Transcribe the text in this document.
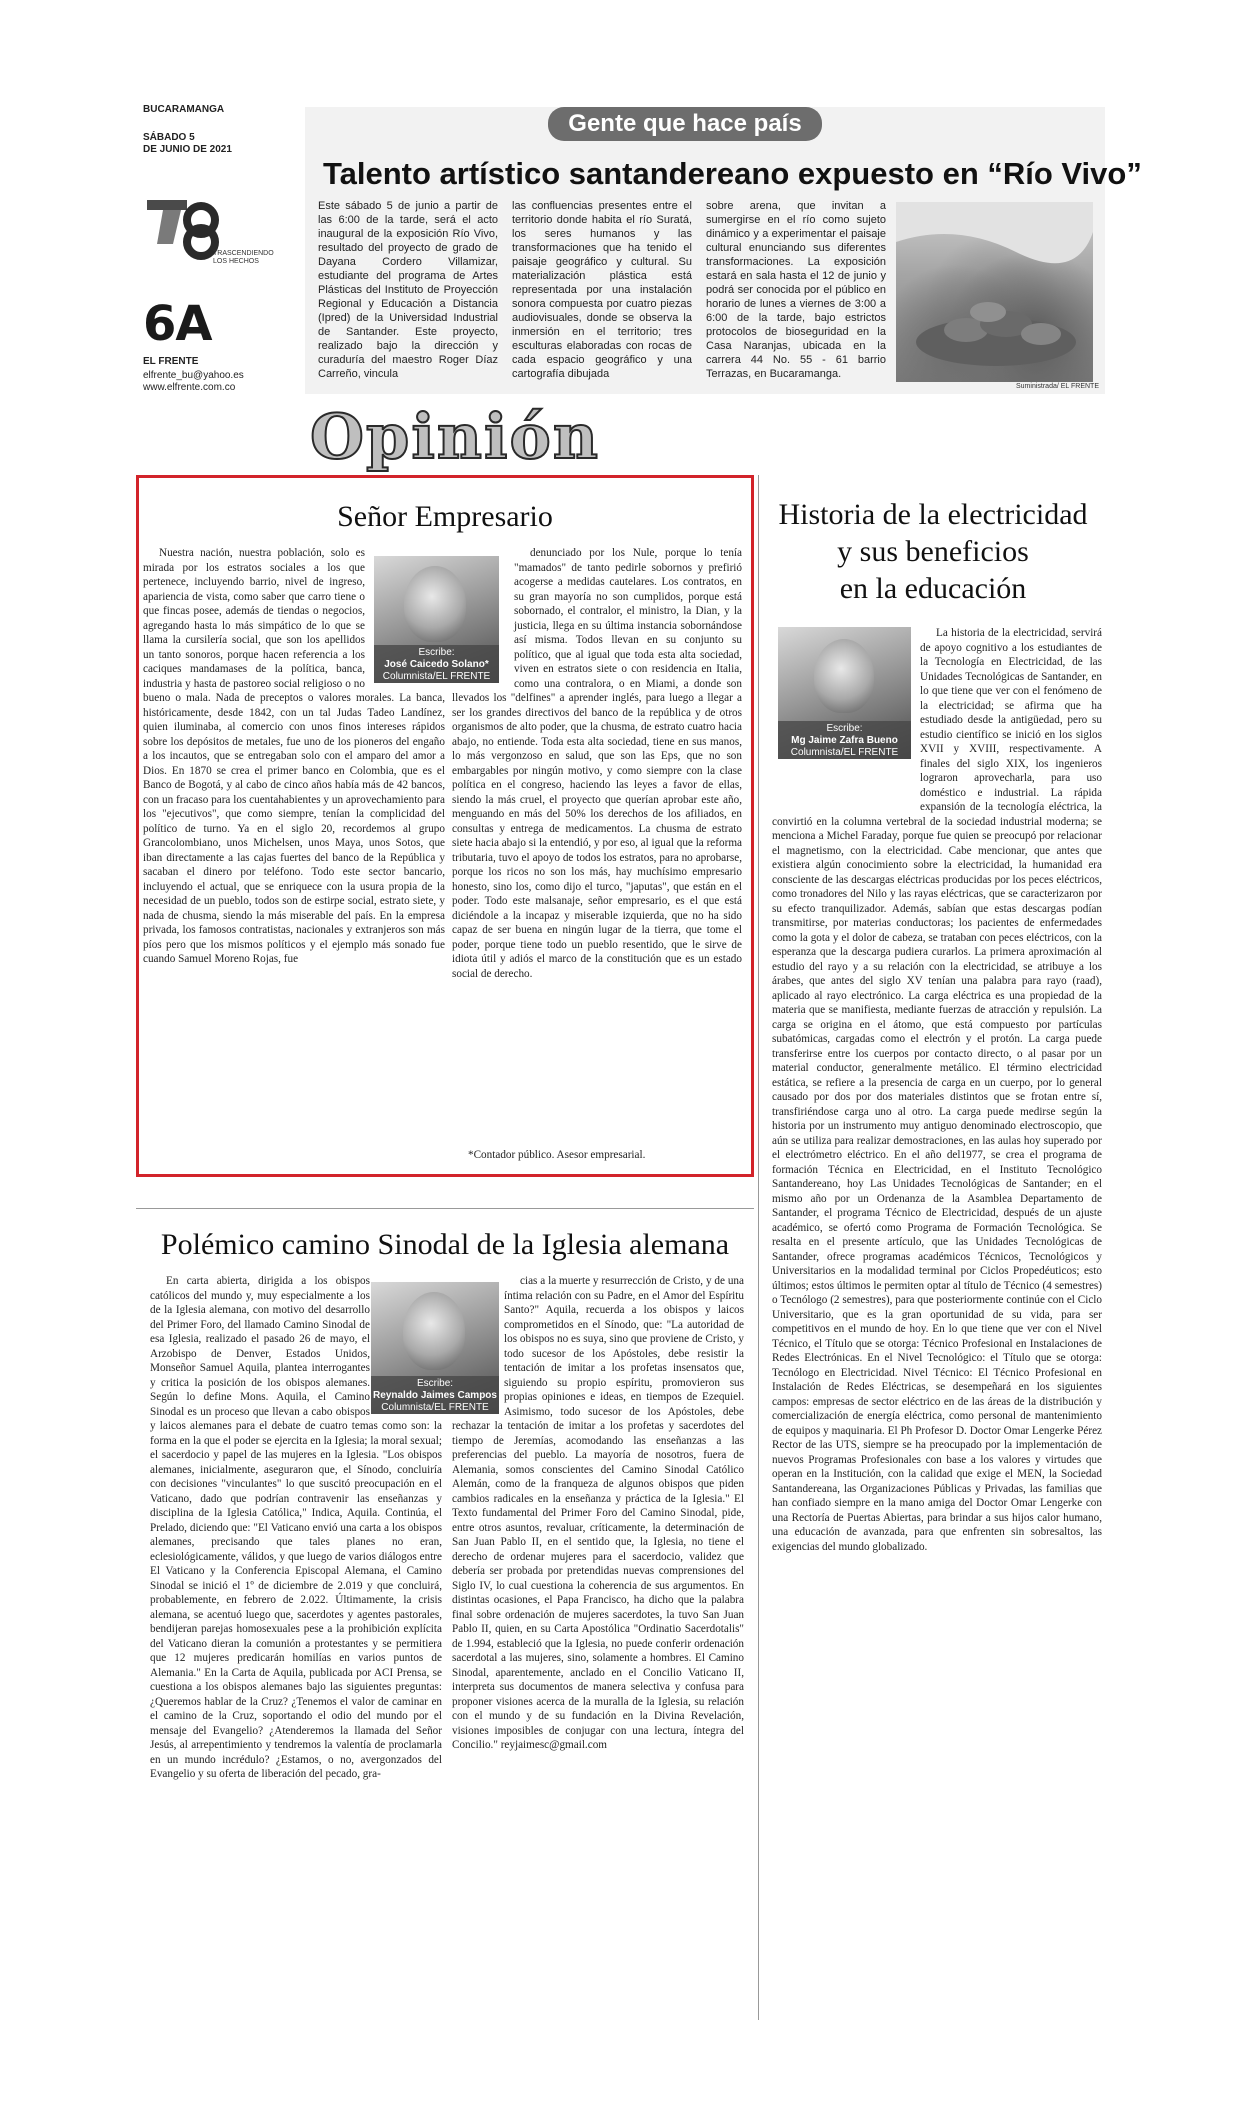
BUCARAMANGA
SÁBADO 5
DE JUNIO DE 2021
TRASCENDIENDO LOS HECHOS
6A
EL FRENTE
elfrente_bu@yahoo.es
www.elfrente.com.co
Gente que hace país
Talento artístico santandereano expuesto en “Río Vivo”
Este sábado 5 de junio a partir de las 6:00 de la tarde, será el acto inaugural de la exposición Río Vivo, resultado del proyecto de grado de Dayana Cordero Villamizar, estudiante del programa de Artes Plásticas del Instituto de Proyección Regional y Educación a Distancia (Ipred) de la Universidad Industrial de Santander. Este proyecto, realizado bajo la dirección y curaduría del maestro Roger Díaz Carreño, vincula
las confluencias presentes entre el territorio donde habita el río Suratá, los seres humanos y las transformaciones que ha tenido el paisaje geográfico y cultural. Su materialización plástica está representada por una instalación sonora compuesta por cuatro piezas audiovisuales, donde se observa la inmersión en el territorio; tres esculturas elaboradas con rocas de cada espacio geográfico y una cartografía dibujada
sobre arena, que invitan a sumergirse en el río como sujeto dinámico y a experimentar el paisaje cultural enunciando sus diferentes transformaciones. La exposición estará en sala hasta el 12 de junio y podrá ser conocida por el público en horario de lunes a viernes de 3:00 a 6:00 de la tarde, bajo estrictos protocolos de bioseguridad en la Casa Naranjas, ubicada en la carrera 44 No. 55 - 61 barrio Terrazas, en Bucaramanga.
Suministrada/ EL FRENTE
Opinión
Señor Empresario
Escribe:
José Caicedo Solano*
Columnista/EL FRENTE

Nuestra nación, nuestra población, solo es mirada por los estratos sociales a los que pertenece, incluyendo barrio, nivel de ingreso, apariencia de vista, como saber que carro tiene o que fincas posee, además de tiendas o negocios, agregando hasta lo más simpático de lo que se llama la cursilería social, que son los apellidos un tanto sonoros, porque hacen referencia a los caciques mandamases de la política, banca, industria y hasta de pastoreo social religioso o no bueno o mala. Nada de preceptos o valores morales. La banca, históricamente, desde 1842, con un tal Judas Tadeo Landínez, quien iluminaba, al comercio con unos finos intereses rápidos sobre los depósitos de metales, fue uno de los pioneros del engaño a los incautos, que se entregaban solo con el amparo del amor a Dios. En 1870 se crea el primer banco en Colombia, que es el Banco de Bogotá, y al cabo de cinco años había más de 42 bancos, con un fracaso para los cuentahabientes y un aprovechamiento para los "ejecutivos", que como siempre, tenían la complicidad del político de turno. Ya en el siglo 20, recordemos al grupo Grancolombiano, unos Michelsen, unos Maya, unos Sotos, que iban directamente a las cajas fuertes del banco de la República y sacaban el dinero por teléfono. Todo este sector bancario, incluyendo el actual, que se enriquece con la usura propia de la necesidad de un pueblo, todos son de estirpe social, estrato siete, y nada de chusma, siendo la más miserable del país. En la empresa privada, los famosos contratistas, nacionales y extranjeros son más píos pero que los mismos políticos y el ejemplo más sonado fue cuando Samuel Moreno Rojas, fue

denunciado por los Nule, porque lo tenía "mamados" de tanto pedirle sobornos y prefirió acogerse a medidas cautelares. Los contratos, en su gran mayoría no son cumplidos, porque está sobornado, el contralor, el ministro, la Dian, y la justicia, llega en su última instancia sobornándose así misma. Todos llevan en su conjunto su político, que al igual que toda esta alta sociedad, viven en estratos siete o con residencia en Italia, como una contralora, o en Miami, a donde son llevados los "delfines" a aprender inglés, para luego a llegar a ser los grandes directivos del banco de la república y de otros organismos de alto poder, que la chusma, de estrato cuatro hacia abajo, no entiende. Toda esta alta sociedad, tiene en sus manos, lo más vergonzoso en salud, que son las Eps, que no son embargables por ningún motivo, y como siempre con la clase política en el congreso, haciendo las leyes a favor de ellas, siendo la más cruel, el proyecto que querían aprobar este año, menguando en más del 50% los derechos de los afiliados, en consultas y entrega de medicamentos. La chusma de estrato siete hacia abajo si la entendió, y por eso, al igual que la reforma tributaria, tuvo el apoyo de todos los estratos, para no aprobarse, porque los ricos no son los más, hay muchísimo empresario honesto, sino los, como dijo el turco, "japutas", que están en el poder. Todo este malsanaje, señor empresario, es el que está diciéndole a la incapaz y miserable izquierda, que no ha sido capaz de ser buena en ningún lugar de la tierra, que tome el poder, porque tiene todo un pueblo resentido, que le sirve de idiota útil y adiós el marco de la constitución que es un estado social de derecho.

*Contador público. Asesor empresarial.
Historia de la electricidad
y sus beneficios
en la educación
Escribe:
Mg Jaime Zafra Bueno
Columnista/EL FRENTE

La historia de la electricidad, servirá de apoyo cognitivo a los estudiantes de la Tecnología en Electricidad, de las Unidades Tecnológicas de Santander, en lo que tiene que ver con el fenómeno de la electricidad; se afirma que ha estudiado desde la antigüedad, pero su estudio científico se inició en los siglos XVII y XVIII, respectivamente. A finales del siglo XIX, los ingenieros lograron aprovecharla, para uso doméstico e industrial. La rápida expansión de la tecnología eléctrica, la convirtió en la columna vertebral de la sociedad industrial moderna; se menciona a Michel Faraday, porque fue quien se preocupó por relacionar el magnetismo, con la electricidad. Cabe mencionar, que antes que existiera algún conocimiento sobre la electricidad, la humanidad era consciente de las descargas eléctricas producidas por los peces eléctricos, como tronadores del Nilo y las rayas eléctricas, que se caracterizaron por su efecto tranquilizador. Además, sabían que estas descargas podían transmitirse, por materias conductoras; los pacientes de enfermedades como la gota y el dolor de cabeza, se trataban con peces eléctricos, con la esperanza que la descarga pudiera curarlos. La primera aproximación al estudio del rayo y a su relación con la electricidad, se atribuye a los árabes, que antes del siglo XV tenían una palabra para rayo (raad), aplicado al rayo electrónico. La carga eléctrica es una propiedad de la materia que se manifiesta, mediante fuerzas de atracción y repulsión. La carga se origina en el átomo, que está compuesto por partículas subatómicas, cargadas como el electrón y el protón. La carga puede transferirse entre los cuerpos por contacto directo, o al pasar por un material conductor, generalmente metálico. El término electricidad estática, se refiere a la presencia de carga en un cuerpo, por lo general causado por dos por dos materiales distintos que se frotan entre sí, transfiriéndose carga uno al otro. La carga puede medirse según la historia por un instrumento muy antiguo denominado electroscopio, que aún se utiliza para realizar demostraciones, en las aulas hoy superado por el electrómetro eléctrico. En el año del1977, se crea el programa de formación Técnica en Electricidad, en el Instituto Tecnológico Santandereano, hoy Las Unidades Tecnológicas de Santander; en el mismo año por un Ordenanza de la Asamblea Departamento de Santander, el programa Técnico de Electricidad, después de un ajuste académico, se ofertó como Programa de Formación Tecnológica. Se resalta en el presente artículo, que las Unidades Tecnológicas de Santander, ofrece programas académicos Técnicos, Tecnológicos y Universitarios en la modalidad terminal por Ciclos Propedéuticos; esto últimos; estos últimos le permiten optar al título de Técnico (4 semestres) o Tecnólogo (2 semestres), para que posteriormente continúe con el Ciclo Universitario, que es la gran oportunidad de su vida, para ser competitivos en el mundo de hoy. En lo que tiene que ver con el Nivel Técnico, el Título que se otorga: Técnico Profesional en Instalaciones de Redes Electrónicas. En el Nivel Tecnológico: el Título que se otorga: Tecnólogo en Electricidad. Nivel Técnico: El Técnico Profesional en Instalación de Redes Eléctricas, se desempeñará en los siguientes campos: empresas de sector eléctrico en de las áreas de la distribución y comercialización de energía eléctrica, como personal de mantenimiento de equipos y maquinaria. El Ph Profesor D. Doctor Omar Lengerke Pérez Rector de las UTS, siempre se ha preocupado por la implementación de nuevos Programas Profesionales con base a los valores y virtudes que operan en la Institución, con la calidad que exige el MEN, la Sociedad Santandereana, las Organizaciones Públicas y Privadas, las familias que han confiado siempre en la mano amiga del Doctor Omar Lengerke con una Rectoría de Puertas Abiertas, para brindar a sus hijos calor humano, una educación de avanzada, para que enfrenten sin sobresaltos, las exigencias del mundo globalizado.

Polémico camino Sinodal de la Iglesia alemana
Escribe:
Reynaldo Jaimes Campos
Columnista/EL FRENTE

En carta abierta, dirigida a los obispos católicos del mundo y, muy especialmente a los de la Iglesia alemana, con motivo del desarrollo del Primer Foro, del llamado Camino Sinodal de esa Iglesia, realizado el pasado 26 de mayo, el Arzobispo de Denver, Estados Unidos, Monseñor Samuel Aquila, plantea interrogantes y critica la posición de los obispos alemanes. Según lo define Mons. Aquila, el Camino Sinodal es un proceso que llevan a cabo obispos y laicos alemanes para el debate de cuatro temas como son: la forma en la que el poder se ejercita en la Iglesia; la moral sexual; el sacerdocio y papel de las mujeres en la Iglesia. "Los obispos alemanes, inicialmente, aseguraron que, el Sínodo, concluiría con decisiones "vinculantes" lo que suscitó preocupación en el Vaticano, dado que podrían contravenir las enseñanzas y disciplina de la Iglesia Católica," Indica, Aquila. Continúa, el Prelado, diciendo que: "El Vaticano envió una carta a los obispos alemanes, precisando que tales planes no eran, eclesiológicamente, válidos, y que luego de varios diálogos entre El Vaticano y la Conferencia Episcopal Alemana, el Camino Sinodal se inició el 1º de diciembre de 2.019 y que concluirá, probablemente, en febrero de 2.022. Últimamente, la crisis alemana, se acentuó luego que, sacerdotes y agentes pastorales, bendijeran parejas homosexuales pese a la prohibición explícita del Vaticano dieran la comunión a protestantes y se permitiera que 12 mujeres predicarán homilías en varios puntos de Alemania." En la Carta de Aquila, publicada por ACI Prensa, se cuestiona a los obispos alemanes bajo las siguientes preguntas: ¿Queremos hablar de la Cruz? ¿Tenemos el valor de caminar en el camino de la Cruz, soportando el odio del mundo por el mensaje del Evangelio? ¿Atenderemos la llamada del Señor Jesús, al arrepentimiento y tendremos la valentía de proclamarla en un mundo incrédulo? ¿Estamos, o no, avergonzados del Evangelio y su oferta de liberación del pecado, gra-

cias a la muerte y resurrección de Cristo, y de una íntima relación con su Padre, en el Amor del Espíritu Santo?" Aquila, recuerda a los obispos y laicos comprometidos en el Sínodo, que: "La autoridad de los obispos no es suya, sino que proviene de Cristo, y todo sucesor de los Apóstoles, debe resistir la tentación de imitar a los profetas insensatos que, siguiendo su propio espíritu, promovieron sus propias opiniones e ideas, en tiempos de Ezequiel. Asimismo, todo sucesor de los Apóstoles, debe rechazar la tentación de imitar a los profetas y sacerdotes del tiempo de Jeremías, acomodando las enseñanzas a las preferencias del pueblo. La mayoría de nosotros, fuera de Alemania, somos conscientes del Camino Sinodal Católico Alemán, como de la franqueza de algunos obispos que piden cambios radicales en la enseñanza y práctica de la Iglesia." El Texto fundamental del Primer Foro del Camino Sinodal, pide, entre otros asuntos, revaluar, críticamente, la determinación de San Juan Pablo II, en el sentido que, la Iglesia, no tiene el derecho de ordenar mujeres para el sacerdocio, validez que debería ser probada por pretendidas nuevas comprensiones del Siglo IV, lo cual cuestiona la coherencia de sus argumentos. En distintas ocasiones, el Papa Francisco, ha dicho que la palabra final sobre ordenación de mujeres sacerdotes, la tuvo San Juan Pablo II, quien, en su Carta Apostólica "Ordinatio Sacerdotalis" de 1.994, estableció que la Iglesia, no puede conferir ordenación sacerdotal a las mujeres, sino, solamente a hombres. El Camino Sinodal, aparentemente, anclado en el Concilio Vaticano II, interpreta sus documentos de manera selectiva y confusa para proponer visiones acerca de la muralla de la Iglesia, su relación con el mundo y de su fundación en la Divina Revelación, visiones imposibles de conjugar con una lectura, íntegra del Concilio." reyjaimesc@gmail.com
